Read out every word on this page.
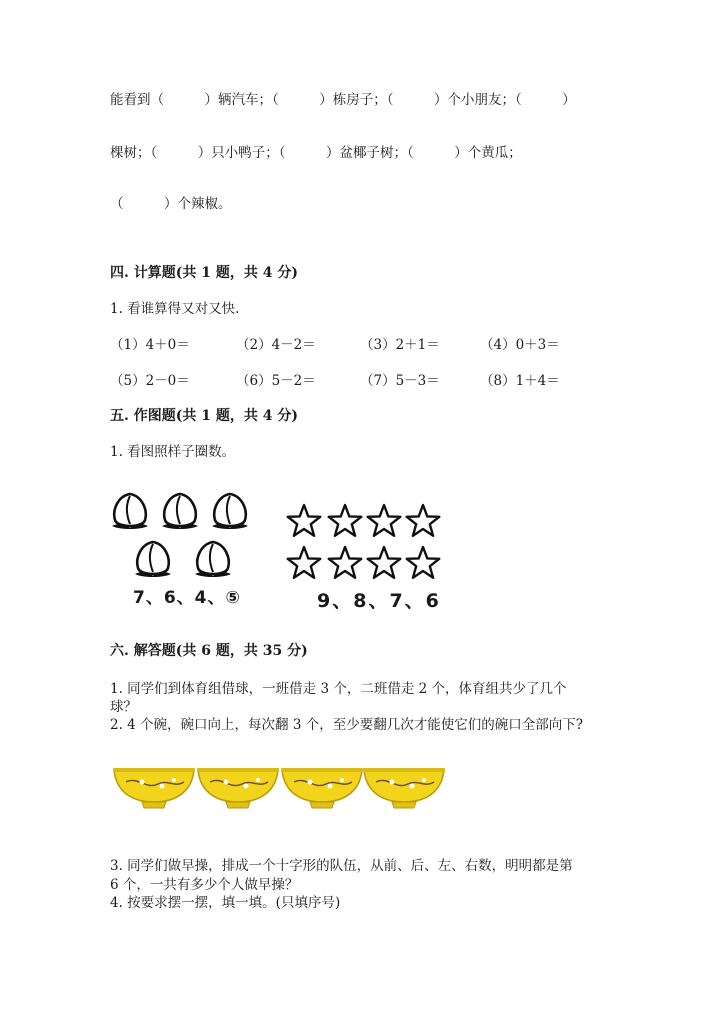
能看到（　　　）辆汽车；（　　　）栋房子；（　　　）个小朋友；（　　　）
棵树；（　　　）只小鸭子；（　　　）盆椰子树；（　　　）个黄瓜；
（　　　）个辣椒。
四. 计算题(共 1 题，共 4 分)
1. 看谁算得又对又快.
（1）4＋0＝	（2）4－2＝	（3）2＋1＝	（4）0＋3＝
（5）2－0＝	（6）5－2＝	（7）5－3＝	（8）1＋4＝
五. 作图题(共 1 题，共 4 分)
1. 看图照样子圈数。
7、6、4、⑤	9、8、7、6
六. 解答题(共 6 题，共 35 分)
1. 同学们到体育组借球，一班借走 3 个，二班借走 2 个，体育组共少了几个
球？
2. 4 个碗，碗口向上，每次翻 3 个，至少要翻几次才能使它们的碗口全部向下?
3. 同学们做早操，排成一个十字形的队伍，从前、后、左、右数，明明都是第
6 个，一共有多少个人做早操？
4. 按要求摆一摆，填一填。(只填序号)
